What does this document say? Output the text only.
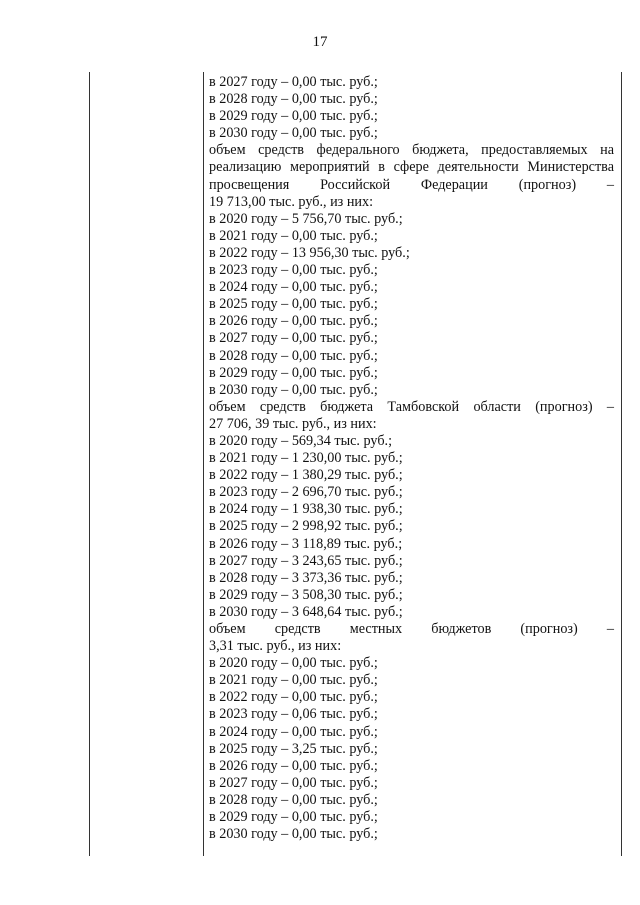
17
в 2027 году – 0,00 тыс. руб.;
в 2028 году – 0,00 тыс. руб.;
в 2029 году – 0,00 тыс. руб.;
в 2030 году – 0,00 тыс. руб.;
объем средств федерального бюджета, предоставляемых на
реализацию мероприятий в сфере деятельности Министерства
просвещения Российской Федерации (прогноз) –
19 713,00 тыс. руб., из них:
в 2020 году – 5 756,70 тыс. руб.;
в 2021 году – 0,00 тыс. руб.;
в 2022 году – 13 956,30 тыс. руб.;
в 2023 году – 0,00 тыс. руб.;
в 2024 году – 0,00 тыс. руб.;
в 2025 году – 0,00 тыс. руб.;
в 2026 году – 0,00 тыс. руб.;
в 2027 году – 0,00 тыс. руб.;
в 2028 году – 0,00 тыс. руб.;
в 2029 году – 0,00 тыс. руб.;
в 2030 году – 0,00 тыс. руб.;
объем средств бюджета Тамбовской области (прогноз) –
27 706, 39 тыс. руб., из них:
в 2020 году – 569,34 тыс. руб.;
в 2021 году – 1 230,00 тыс. руб.;
в 2022 году – 1 380,29 тыс. руб.;
в 2023 году – 2 696,70 тыс. руб.;
в 2024 году – 1 938,30 тыс. руб.;
в 2025 году – 2 998,92 тыс. руб.;
в 2026 году – 3 118,89 тыс. руб.;
в 2027 году – 3 243,65 тыс. руб.;
в 2028 году – 3 373,36 тыс. руб.;
в 2029 году – 3 508,30 тыс. руб.;
в 2030 году – 3 648,64 тыс. руб.;
объем средств местных бюджетов (прогноз) –
3,31 тыс. руб., из них:
в 2020 году – 0,00 тыс. руб.;
в 2021 году – 0,00 тыс. руб.;
в 2022 году – 0,00 тыс. руб.;
в 2023 году – 0,06 тыс. руб.;
в 2024 году – 0,00 тыс. руб.;
в 2025 году – 3,25 тыс. руб.;
в 2026 году – 0,00 тыс. руб.;
в 2027 году – 0,00 тыс. руб.;
в 2028 году – 0,00 тыс. руб.;
в 2029 году – 0,00 тыс. руб.;
в 2030 году – 0,00 тыс. руб.;
